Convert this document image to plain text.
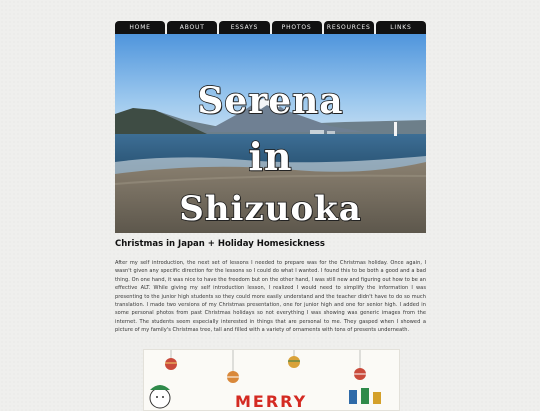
HOME	ABOUT	ESSAYS	PHOTOS	RESOURCES	LINKS
Serena
in
Shizuoka
Christmas in Japan + Holiday Homesickness

After my self introduction, the next set of lessons I needed to prepare was for the Christmas holiday. Once again, I wasn't given any specific direction for the lessons so I could do what I wanted. I found this to be both a good and a bad thing. On one hand, it was nice to have the freedom but on the other hand, I was still new and figuring out how to be an effective ALT. While giving my self introduction lesson, I realized I would need to simplify the information I was presenting to the junior high students so they could more easily understand and the teacher didn't have to do so much translation. I made two versions of my Christmas presentation, one for junior high and one for senior high. I added in some personal photos from past Christmas holidays so not everything I was showing was generic images from the internet. The students seem especially interested in things that are personal to me. They gasped when I showed a picture of my family's Christmas tree, tall and filled with a variety of ornaments with tons of presents underneath.

MERRY
